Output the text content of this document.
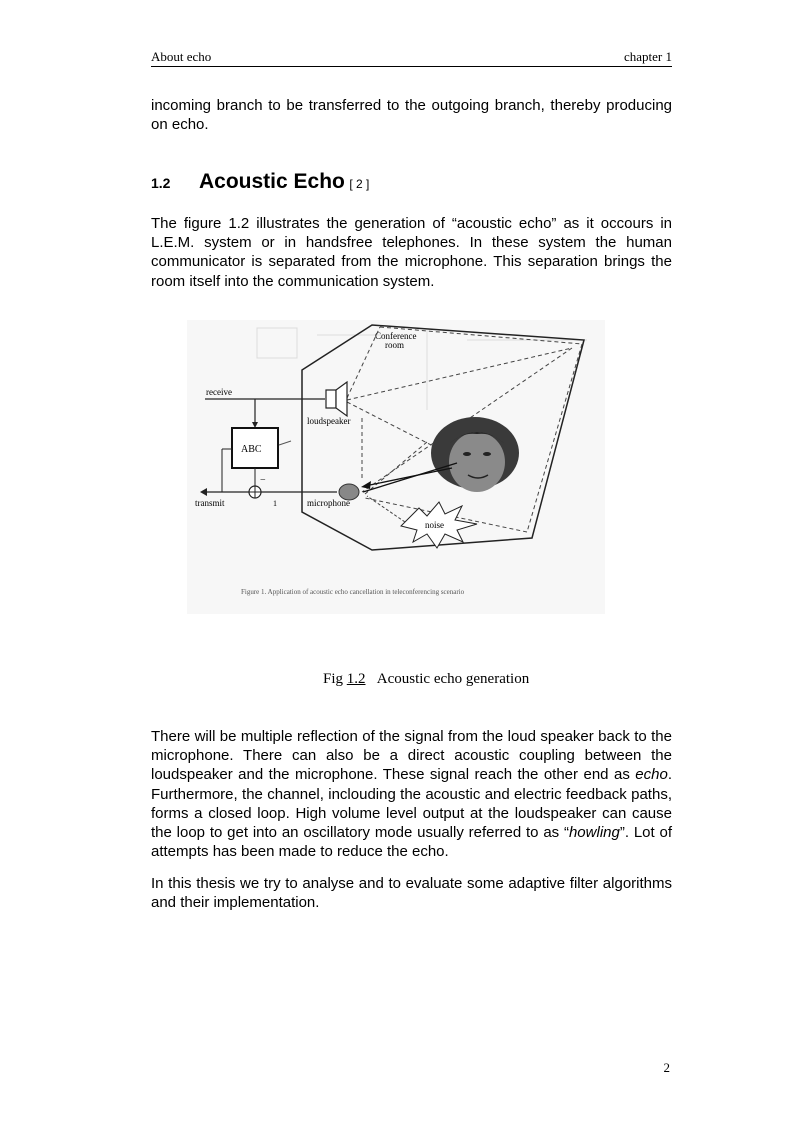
About echo	chapter 1

incoming branch to be transferred to the outgoing branch, thereby producing on echo.

1.2 Acoustic Echo [ 2 ]

The figure 1.2 illustrates the generation of “acoustic echo” as it occours in L.E.M. system or in handsfree telephones. In these system the human communicator is separated from the microphone. This separation brings the room itself into the communication system.

Conference
room
receive
loudspeaker
ABC
−
transmit	1	microphone
noise
Figure 1. Application of acoustic echo cancellation in teleconferencing scenario
Fig 1.2 Acoustic echo generation

There will be multiple reflection of the signal from the loud speaker back to the microphone. There can also be a direct acoustic coupling between the loudspeaker and the microphone. These signal reach the other end as echo. Furthermore, the channel, inclouding the acoustic and electric feedback paths, forms a closed loop. High volume level output at the loudspeaker can cause the loop to get into an oscillatory mode usually referred to as “howling”. Lot of attempts has been made to reduce the echo.

In this thesis we try to analyse and to evaluate some adaptive filter algorithms and their implementation.

2
